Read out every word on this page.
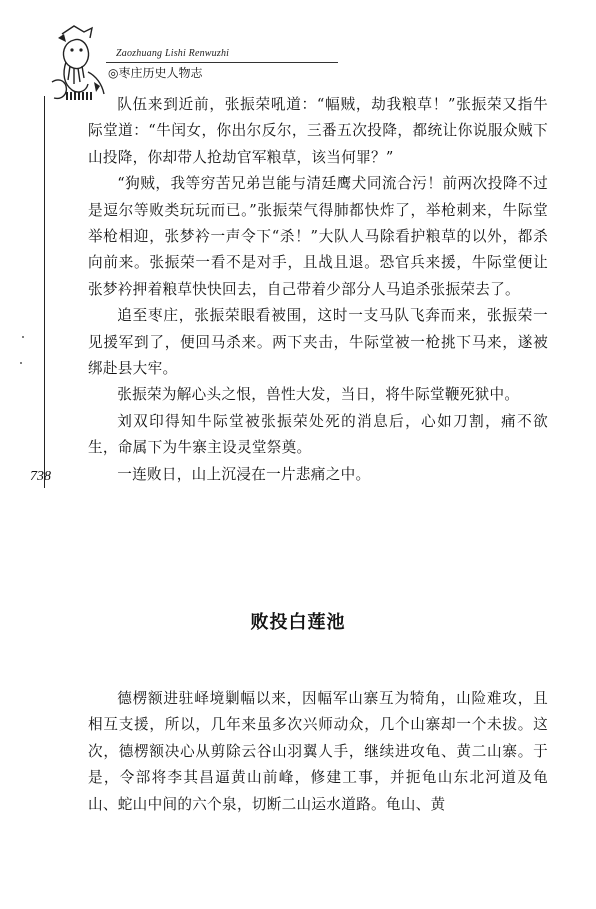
Zaozhuang Lishi Renwuzhi
◎枣庄历史人物志

队伍来到近前，张振荣吼道：“幅贼，劫我粮草！”张振荣又指牛际堂道：“牛闰女，你出尔反尔，三番五次投降，都统让你说服众贼下山投降，你却带人抢劫官军粮草，该当何罪？”

“狗贼，我等穷苦兄弟岂能与清廷鹰犬同流合污！前两次投降不过是逗尔等败类玩玩而已。”张振荣气得肺都快炸了，举枪刺来，牛际堂举枪相迎，张梦衿一声令下“杀！”大队人马除看护粮草的以外，都杀向前来。张振荣一看不是对手，且战且退。恐官兵来援，牛际堂便让张梦衿押着粮草快快回去，自己带着少部分人马追杀张振荣去了。

追至枣庄，张振荣眼看被围，这时一支马队飞奔而来，张振荣一见援军到了，便回马杀来。两下夹击，牛际堂被一枪挑下马来，遂被绑赴县大牢。

张振荣为解心头之恨，兽性大发，当日，将牛际堂鞭死狱中。

刘双印得知牛际堂被张振荣处死的消息后，心如刀割，痛不欲生，命属下为牛寨主设灵堂祭奠。

一连败日，山上沉浸在一片悲痛之中。

738
败投白莲池

德楞额进驻峄境剿幅以来，因幅军山寨互为犄角，山险难攻，且相互支援，所以，几年来虽多次兴师动众，几个山寨却一个未拔。这次，德楞额决心从剪除云谷山羽翼人手，继续进攻龟、黄二山寨。于是，令部将李其昌逼黄山前峰，修建工事，并扼龟山东北河道及龟山、蛇山中间的六个泉，切断二山运水道路。龟山、黄
